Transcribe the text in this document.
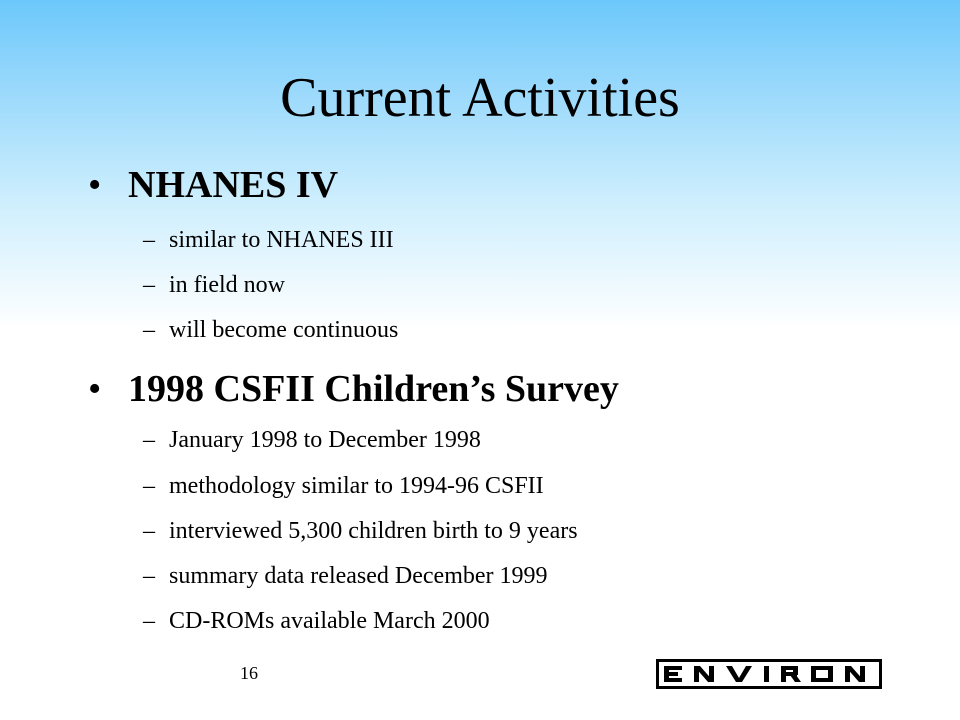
Current Activities
• NHANES IV
– similar to NHANES III
– in field now
– will become continuous
• 1998 CSFII Children’s Survey
– January 1998 to December 1998
– methodology similar to 1994-96 CSFII
– interviewed 5,300 children birth to 9 years
– summary data released December 1999
– CD-ROMs available March 2000
16
